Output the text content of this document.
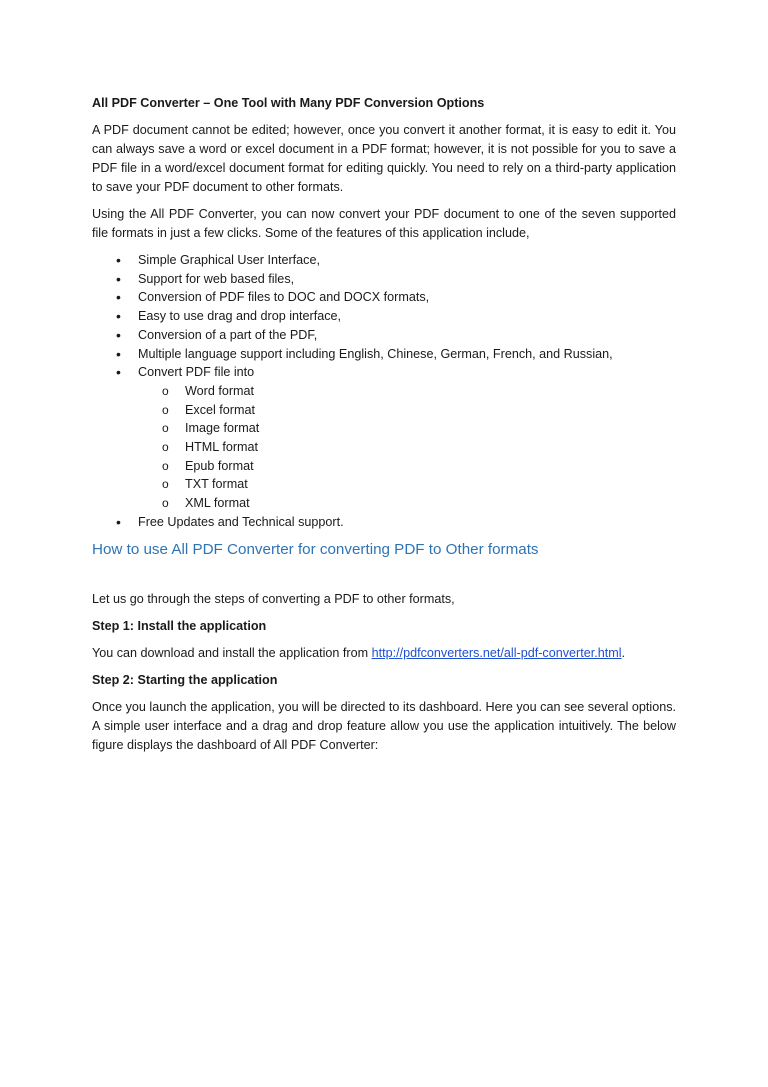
All PDF Converter – One Tool with Many PDF Conversion Options

A PDF document cannot be edited; however, once you convert it another format, it is easy to edit it. You can always save a word or excel document in a PDF format; however, it is not possible for you to save a PDF file in a word/excel document format for editing quickly. You need to rely on a third-party application to save your PDF document to other formats.

Using the All PDF Converter, you can now convert your PDF document to one of the seven supported file formats in just a few clicks. Some of the features of this application include,

• Simple Graphical User Interface,
• Support for web based files,
• Conversion of PDF files to DOC and DOCX formats,
• Easy to use drag and drop interface,
• Conversion of a part of the PDF,
• Multiple language support including English, Chinese, German, French, and Russian,
• Convert PDF file into
o Word format
o Excel format
o Image format
o HTML format
o Epub format
o TXT format
o XML format
• Free Updates and Technical support.
How to use All PDF Converter for converting PDF to Other formats

Let us go through the steps of converting a PDF to other formats,

Step 1: Install the application

You can download and install the application from http://pdfconverters.net/all-pdf-converter.html.

Step 2: Starting the application

Once you launch the application, you will be directed to its dashboard. Here you can see several options. A simple user interface and a drag and drop feature allow you use the application intuitively. The below figure displays the dashboard of All PDF Converter:
